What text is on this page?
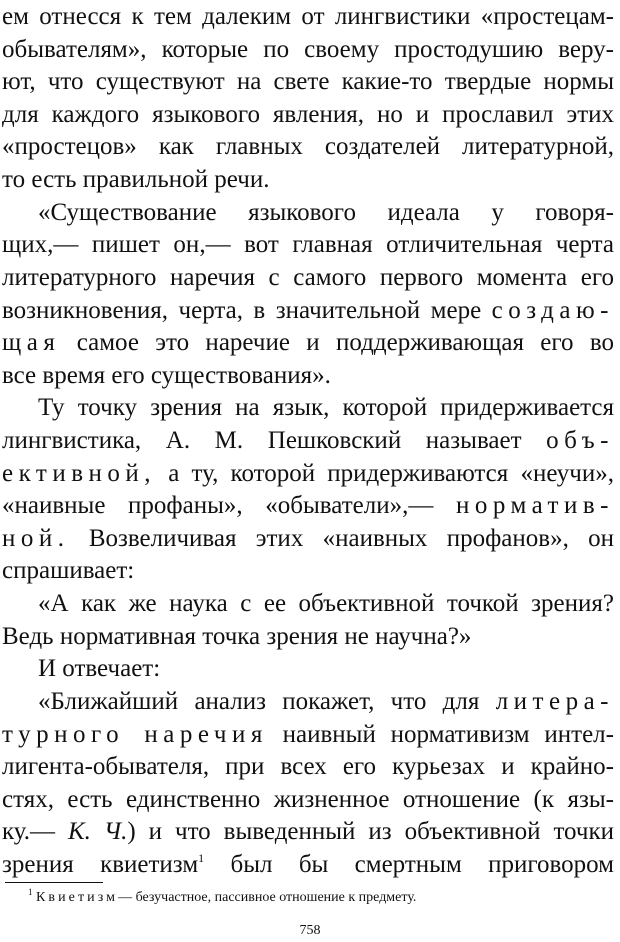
ем отнесся к тем далеким от лингвистики «простецам-
обывателям», которые по своему простодушию веру-
ют, что существуют на свете какие-то твердые нормы
для каждого языкового явления, но и прославил этих
«простецов» как главных создателей литературной,
то есть правильной речи.
«Существование языкового идеала у говоря-
щих,— пишет он,— вот главная отличительная черта
литературного наречия с самого первого момента его
возникновения, черта, в значительной мере создаю-
щая самое это наречие и поддерживающая его во
все время его существования».
Ту точку зрения на язык, которой придерживается
лингвистика, А. М. Пешковский называет объ-
ективной, а ту, которой придерживаются «неучи»,
«наивные профаны», «обыватели»,— норматив-
ной. Возвеличивая этих «наивных профанов», он
спрашивает:
«А как же наука с ее объективной точкой зрения?
Ведь нормативная точка зрения не научна?»
И отвечает:
«Ближайший анализ покажет, что для литера-
турного наречия наивный нормативизм интел-
лигента-обывателя, при всех его курьезах и крайно-
стях, есть единственно жизненное отношение (к язы-
ку.— К. Ч.) и что выведенный из объективной точки
зрения квиетизм$^1$ был бы смертным приговором
$^1$ Квиетизм— безучастное, пассивное отношение к предмету.
758
